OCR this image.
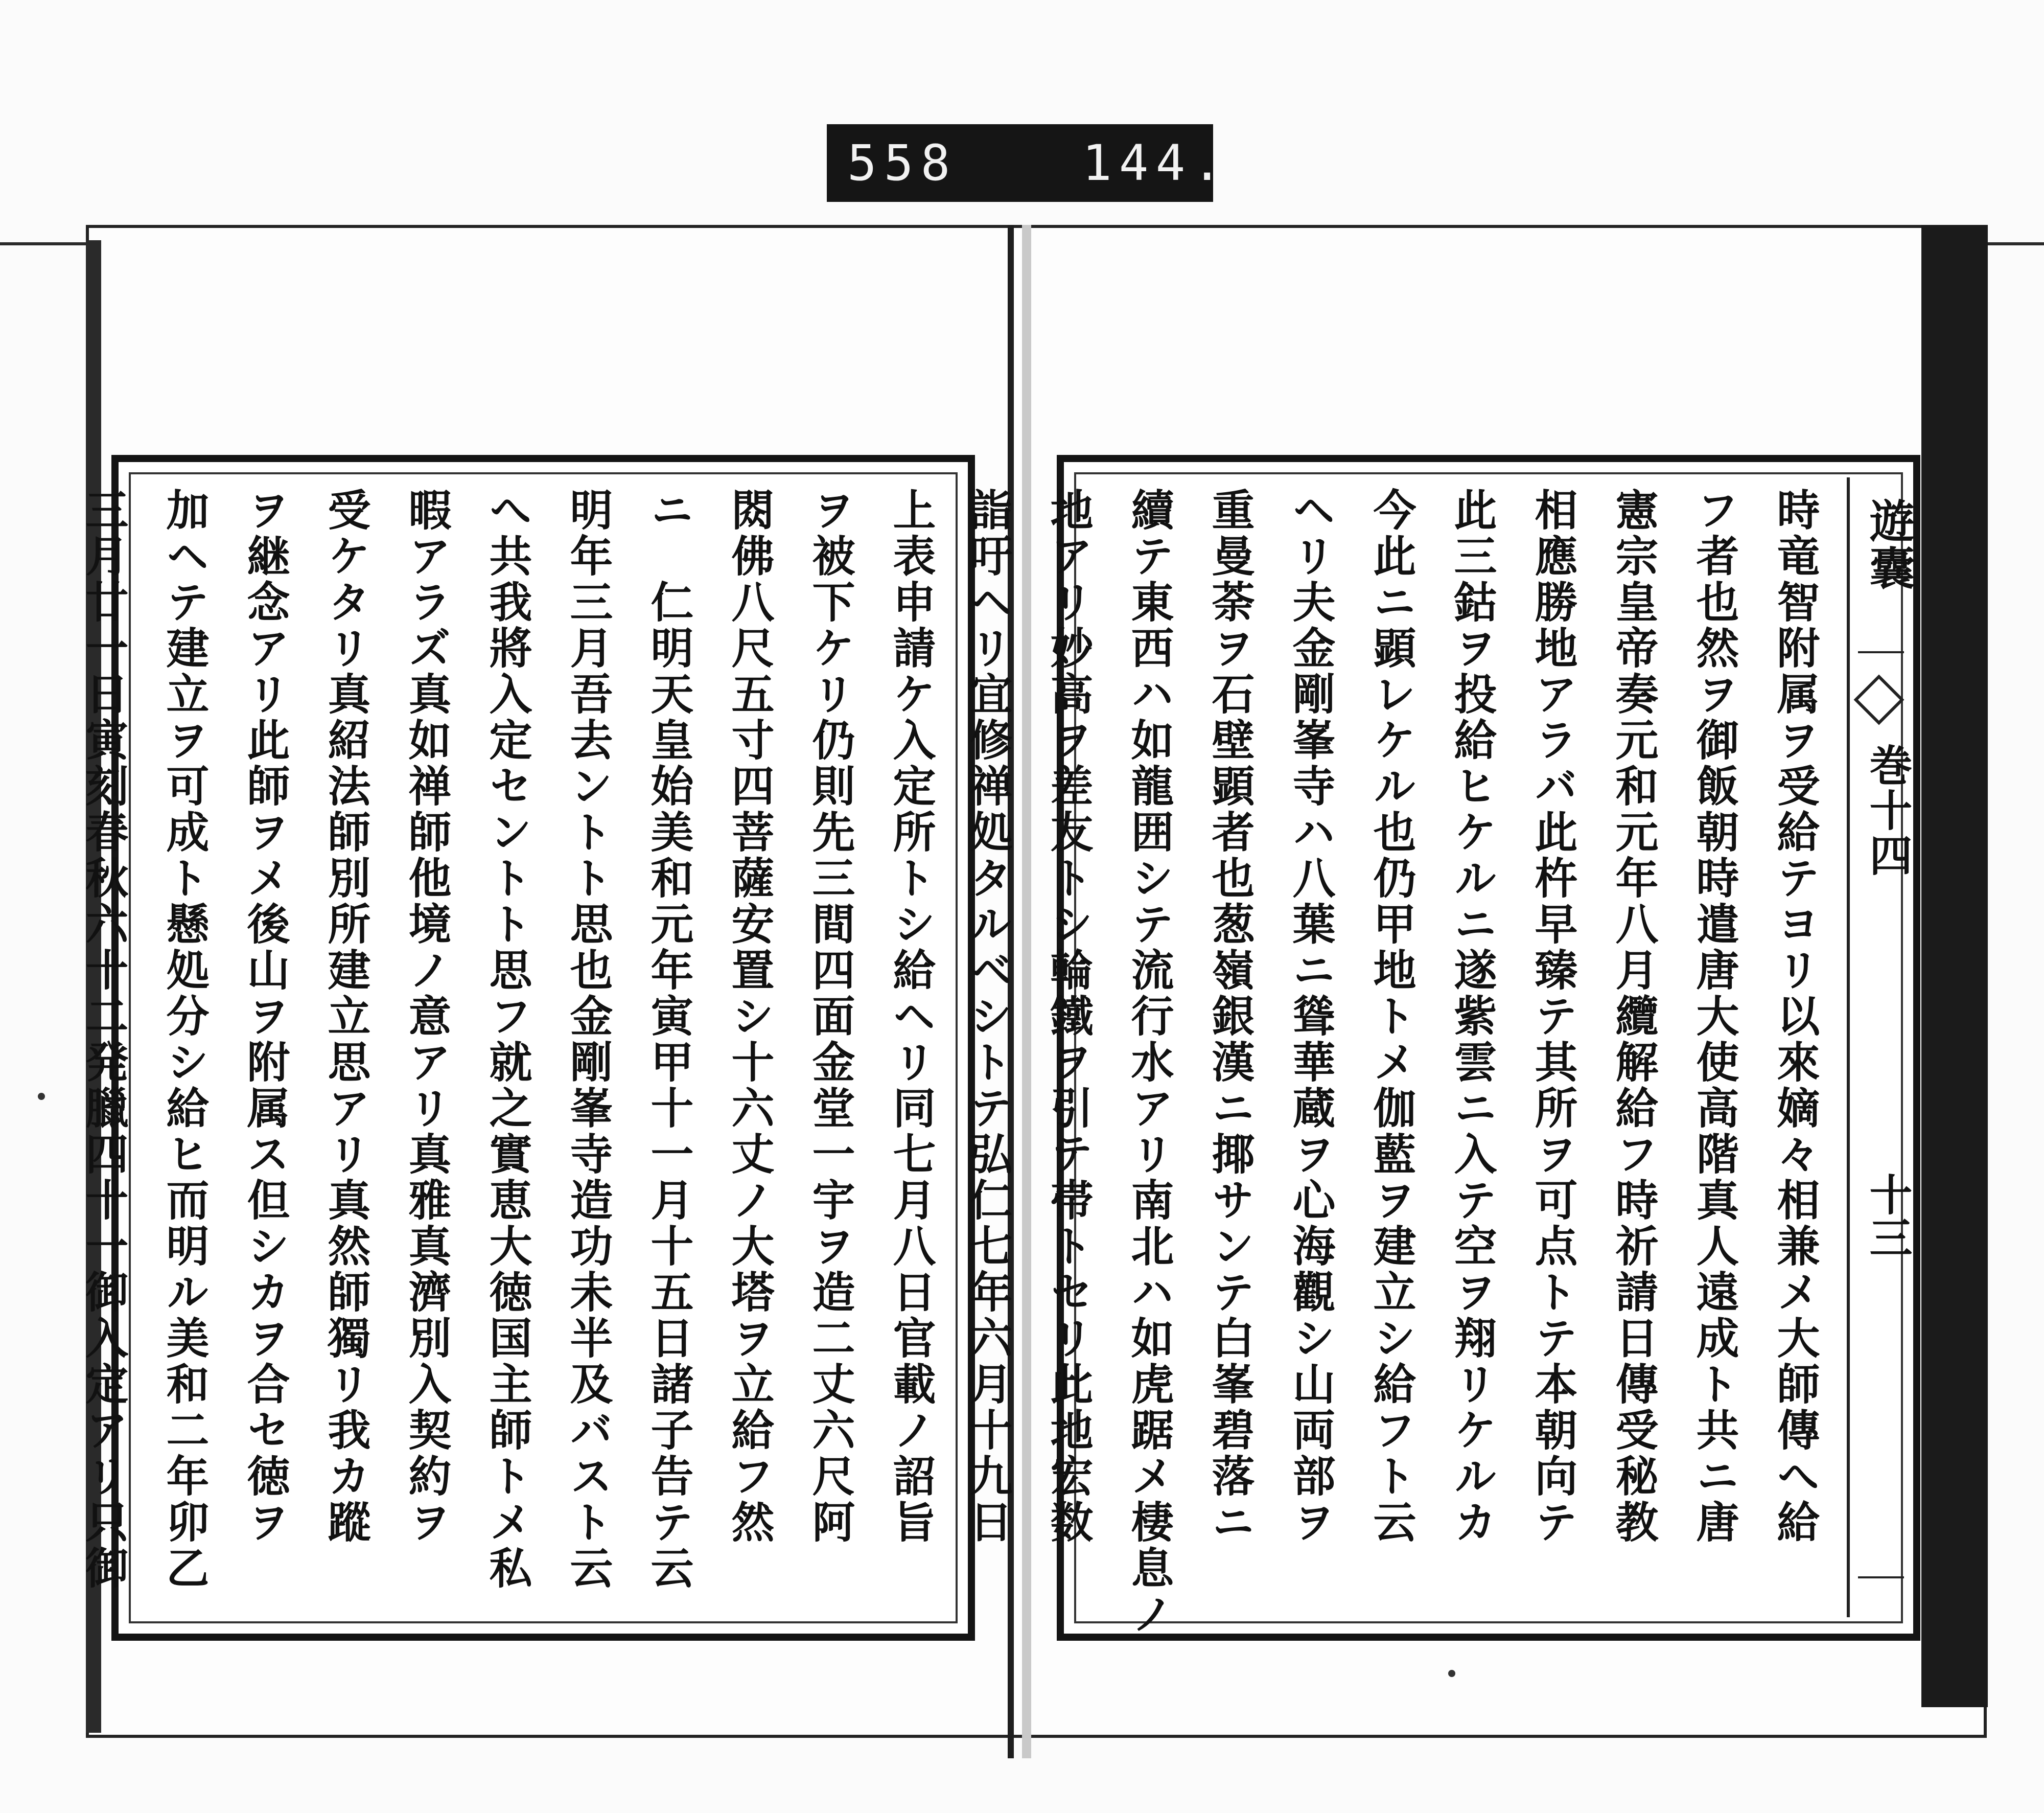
558	144.

上表申請ケ入定所トシ給ヘリ同七月八日官載ノ詔旨

ヲ被下ケリ仍則先三間四面金堂一宇ヲ造二丈六尺阿

閦佛八尺五寸四菩薩安置シ十六丈ノ大塔ヲ立給フ然

ニ　仁明天皇始美和元年寅甲十一月十五日諸子告テ云

明年三月吾去ントト思也金剛峯寺造功未半及バスト云

へ共我將入定セントト思フ就之實恵大徳国主師トメ私

暇アラズ真如禅師他境ノ意アリ真雅真濟別入契約ヲ

受ケタリ真紹法師別所建立思アリ真然師獨リ我カ蹤

ヲ継念アリ此師ヲメ後山ヲ附属ス但シカヲ合セ徳ヲ

加ヘテ建立ヲ可成ト懸処分シ給ヒ而明ル美和二年卯乙

三月廿一日寅刻春秋六十二発臘四十一御入定アリ只御	時竜智附属ヲ受給テヨリ以來嫡々相兼メ大師傳へ給

フ者也然ヲ御飯朝時遣唐大使高階真人遠成ト共ニ唐

憲宗皇帝奏元和元年八月纜解給フ時祈請日傳受秘教

相應勝地アラバ此杵早臻テ其所ヲ可点トテ本朝向テ

此三鈷ヲ投給ヒケルニ遂紫雲ニ入テ空ヲ翔リケルカ

今此ニ顕レケル也仍甲地トメ伽藍ヲ建立シ給フト云

ヘリ夫金剛峯寺ハ八葉ニ聳華蔵ヲ心海觀シ山両部ヲ

重曼荼ヲ石壁顕者也葱嶺銀漢ニ揶サンテ白峯碧落ニ

續テ東西ハ如龍囲シテ流行水アリ南北ハ如虎踞メ棲息ノ

地アリ妙高ヲ差友トシ輪鐵ヲ引テ帯トセリ此地宏数

詣吁ヘリ宜修禅処タルベシトテ弘仁七年六月十九日	遊囊
巻十四
十三
